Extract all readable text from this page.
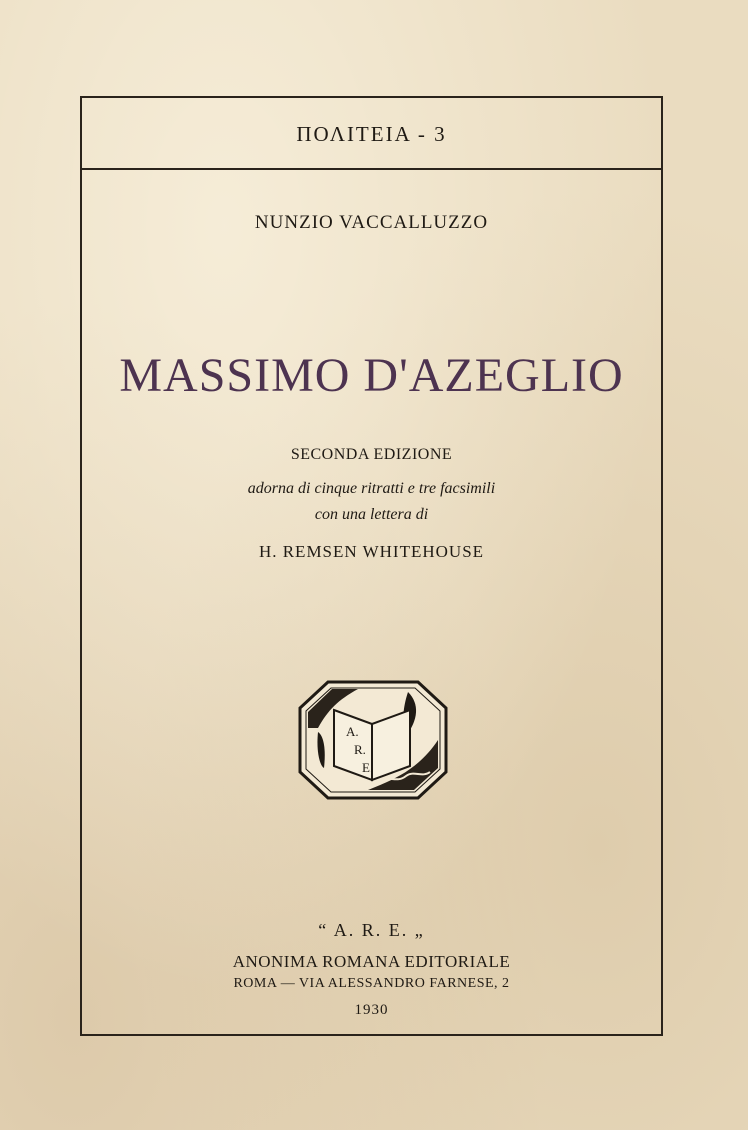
ΠΟΛΙΤΕΙΑ - 3
NUNZIO VACCALLUZZO
MASSIMO D'AZEGLIO
SECONDA EDIZIONE
adorna di cinque ritratti e tre facsimili
con una lettera di
H. REMSEN WHITEHOUSE
A.
R.
E.
“ A. R. E. „
ANONIMA ROMANA EDITORIALE
ROMA — VIA ALESSANDRO FARNESE, 2
1930
